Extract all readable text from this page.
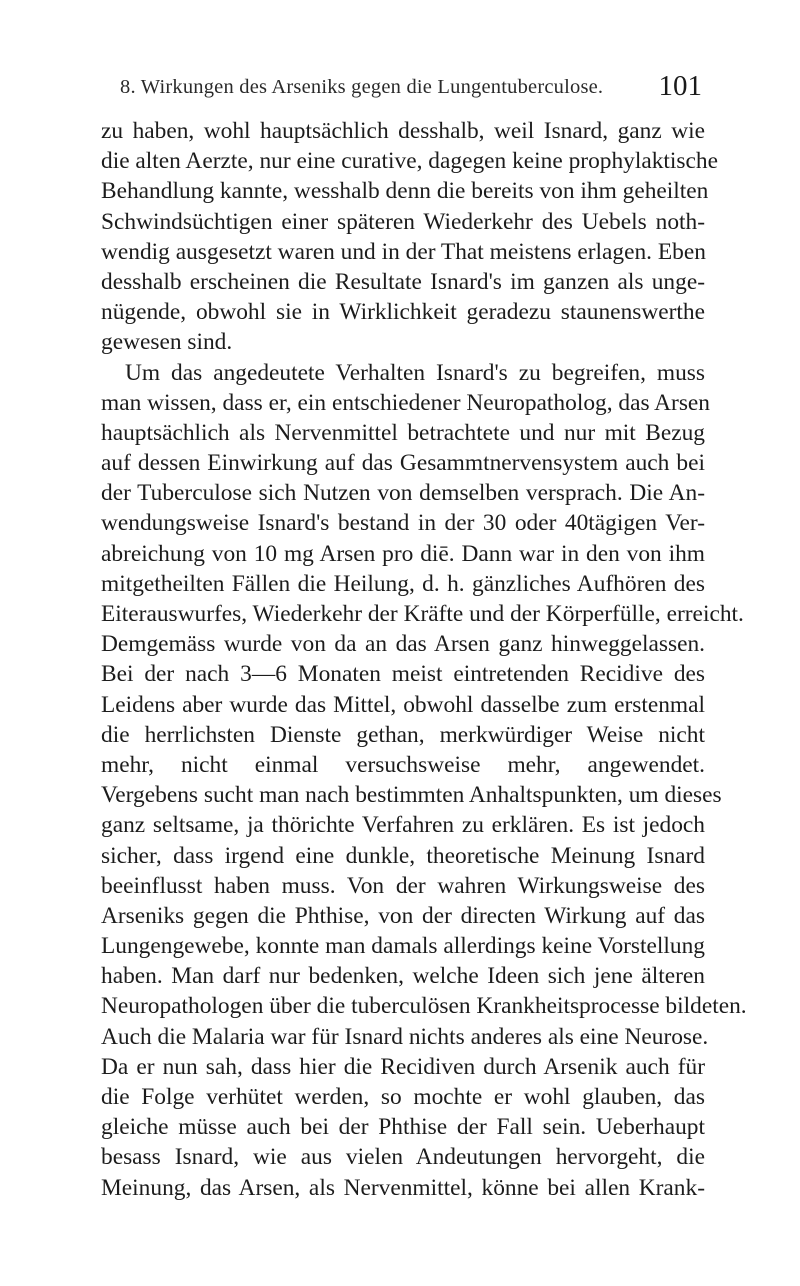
8. Wirkungen des Arseniks gegen die Lungentuberculose. 101
zu haben, wohl hauptsächlich desshalb, weil Isnard, ganz wie
die alten Aerzte, nur eine curative, dagegen keine prophylaktische
Behandlung kannte, wesshalb denn die bereits von ihm geheilten
Schwindsüchtigen einer späteren Wiederkehr des Uebels noth-
wendig ausgesetzt waren und in der That meistens erlagen. Eben
desshalb erscheinen die Resultate Isnard's im ganzen als unge-
nügende, obwohl sie in Wirklichkeit geradezu staunenswerthe
gewesen sind.
Um das angedeutete Verhalten Isnard's zu begreifen, muss
man wissen, dass er, ein entschiedener Neuropatholog, das Arsen
hauptsächlich als Nervenmittel betrachtete und nur mit Bezug
auf dessen Einwirkung auf das Gesammtnervensystem auch bei
der Tuberculose sich Nutzen von demselben versprach. Die An-
wendungsweise Isnard's bestand in der 30 oder 40tägigen Ver-
abreichung von 10 mg Arsen pro diē. Dann war in den von ihm
mitgetheilten Fällen die Heilung, d. h. gänzliches Aufhören des
Eiterauswurfes, Wiederkehr der Kräfte und der Körperfülle, erreicht.
Demgemäss wurde von da an das Arsen ganz hinweggelassen.
Bei der nach 3—6 Monaten meist eintretenden Recidive des
Leidens aber wurde das Mittel, obwohl dasselbe zum erstenmal
die herrlichsten Dienste gethan, merkwürdiger Weise nicht
mehr, nicht einmal versuchsweise mehr, angewendet.
Vergebens sucht man nach bestimmten Anhaltspunkten, um dieses
ganz seltsame, ja thörichte Verfahren zu erklären. Es ist jedoch
sicher, dass irgend eine dunkle, theoretische Meinung Isnard
beeinflusst haben muss. Von der wahren Wirkungsweise des
Arseniks gegen die Phthise, von der directen Wirkung auf das
Lungengewebe, konnte man damals allerdings keine Vorstellung
haben. Man darf nur bedenken, welche Ideen sich jene älteren
Neuropathologen über die tuberculösen Krankheitsprocesse bildeten.
Auch die Malaria war für Isnard nichts anderes als eine Neurose.
Da er nun sah, dass hier die Recidiven durch Arsenik auch für
die Folge verhütet werden, so mochte er wohl glauben, das
gleiche müsse auch bei der Phthise der Fall sein. Ueberhaupt
besass Isnard, wie aus vielen Andeutungen hervorgeht, die
Meinung, das Arsen, als Nervenmittel, könne bei allen Krank-
